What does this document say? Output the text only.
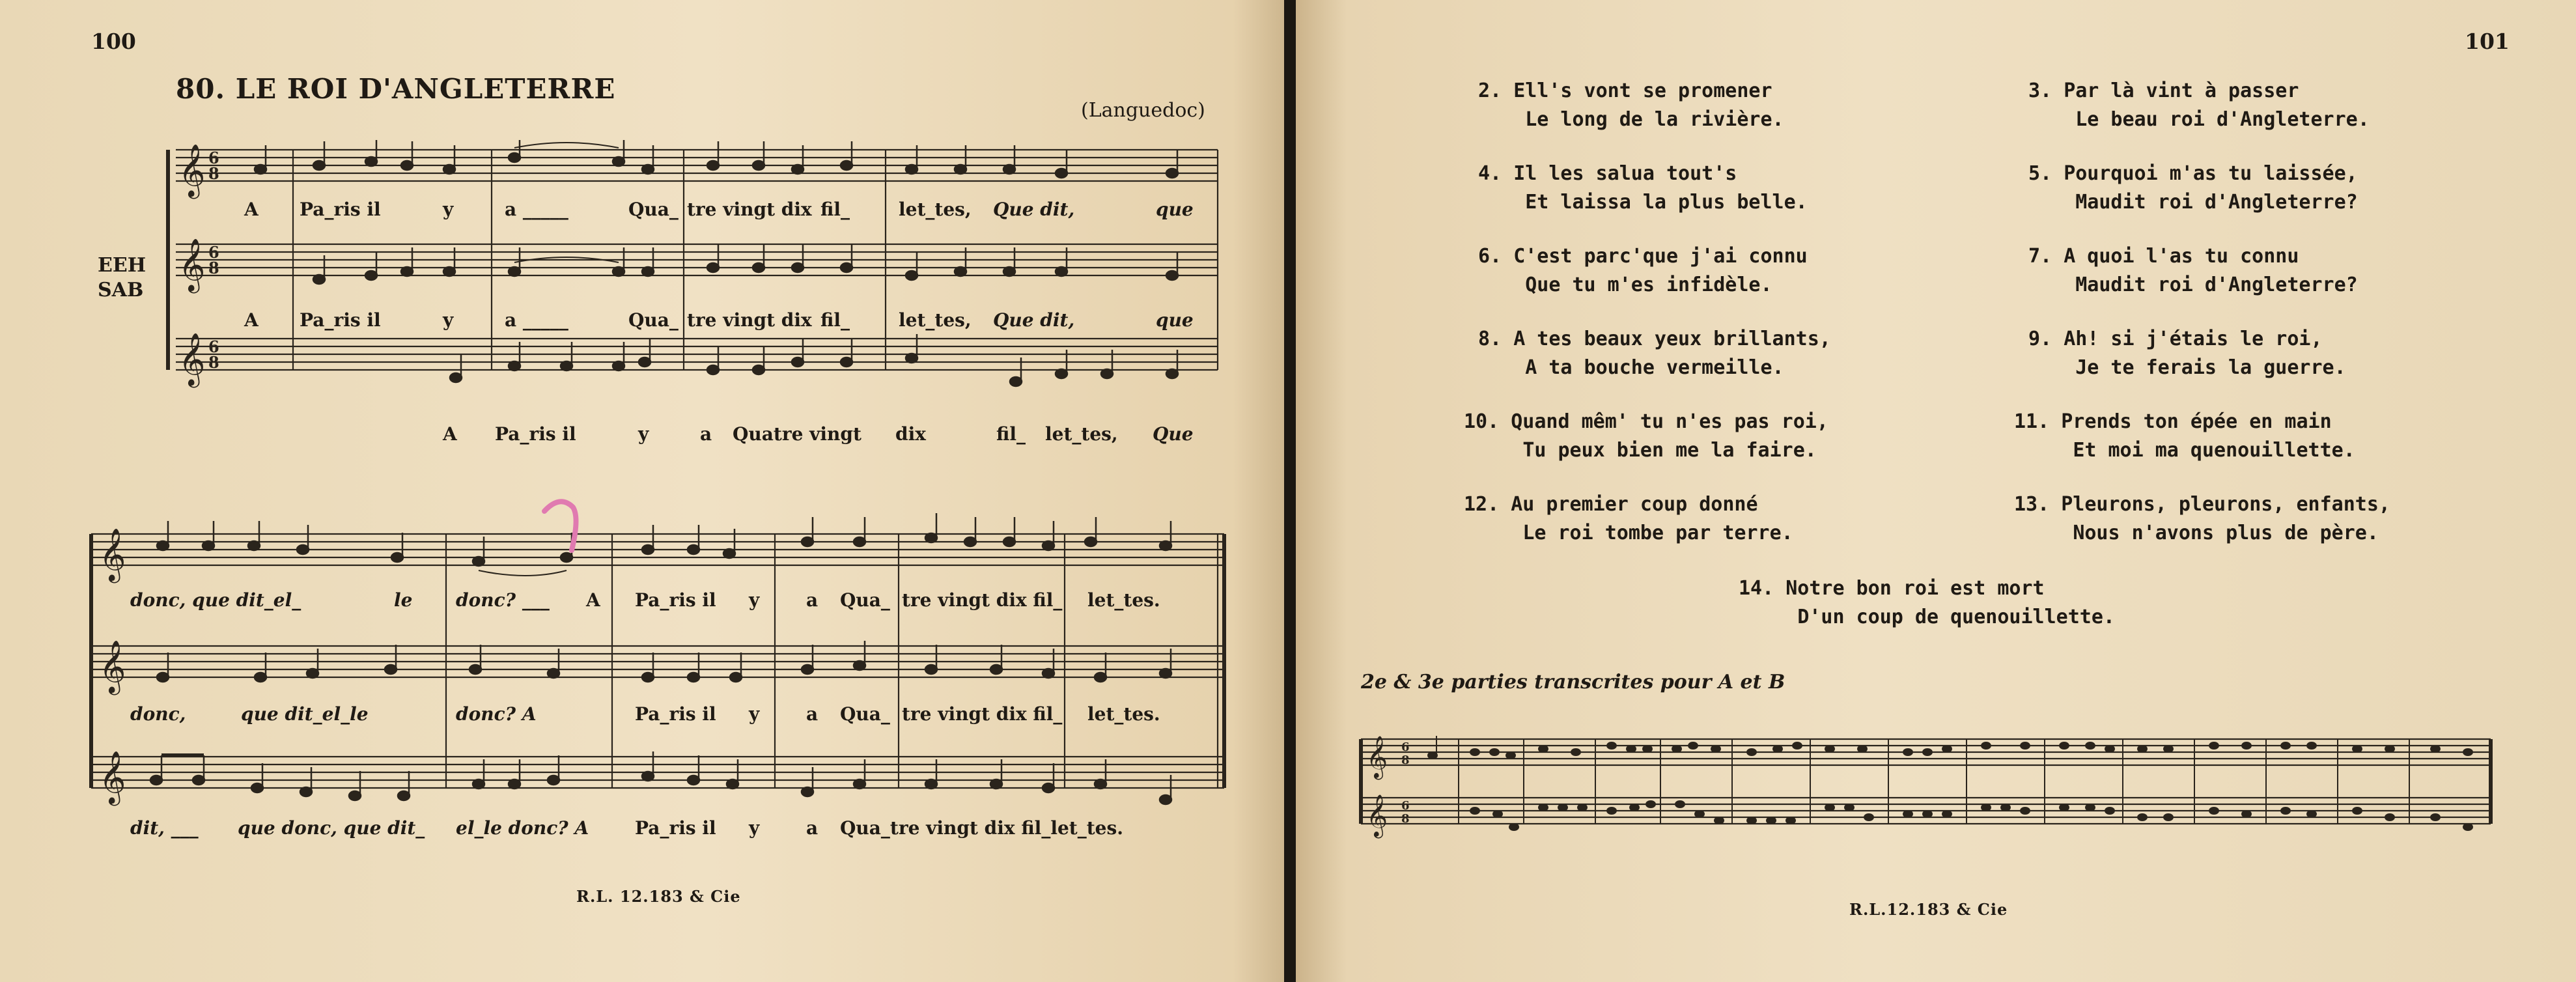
100
80. LE ROI D'ANGLETERRE
(Languedoc)
EEH
SAB
𝄞
𝄞
𝄞
6
8
6
8
6
8
A Pa_ris il	y	a _____	Qua_ tre vingt dix fil_	let_tes, Que dit,	que
A Pa_ris il	y	a _____	Qua_ tre vingt dix fil_	let_tes, Que dit,	que
A Pa_ris il	y	a Quatre vingt dix	fil_ let_tes, Que
𝄞
𝄞
𝄞
donc, que dit_el_	le donc? ___ A Pa_ris il y	a Qua_ tre vingt dix fil_ let_tes.
donc,	que dit_el_le	donc? A	Pa_ris il y	a Qua_ tre vingt dix fil_ let_tes.
dit, ___ que donc, que dit_ el_le donc? A	Pa_ris il y	a Qua_tre vingt dix fil_let_tes.
R.L. 12.183 & Cie
101
2. Ell's vont se promener
Le long de la rivière.
3. Par là vint à passer
Le beau roi d'Angleterre.
4. Il les salua tout's
Et laissa la plus belle.
5. Pourquoi m'as tu laissée,
Maudit roi d'Angleterre?
6. C'est parc'que j'ai connu
Que tu m'es infidèle.
7. A quoi l'as tu connu
Maudit roi d'Angleterre?
8. A tes beaux yeux brillants,
A ta bouche vermeille.
9. Ah! si j'étais le roi,
Je te ferais la guerre.
10. Quand mêm' tu n'es pas roi,
Tu peux bien me la faire.
11. Prends ton épée en main
Et moi ma quenouillette.
12. Au premier coup donné
Le roi tombe par terre.
13. Pleurons, pleurons, enfants,
Nous n'avons plus de père.
14. Notre bon roi est mort
D'un coup de quenouillette.
2e & 3e parties transcrites pour A et B
𝄞
𝄞
6
8
6
8
R.L.12.183 & Cie
